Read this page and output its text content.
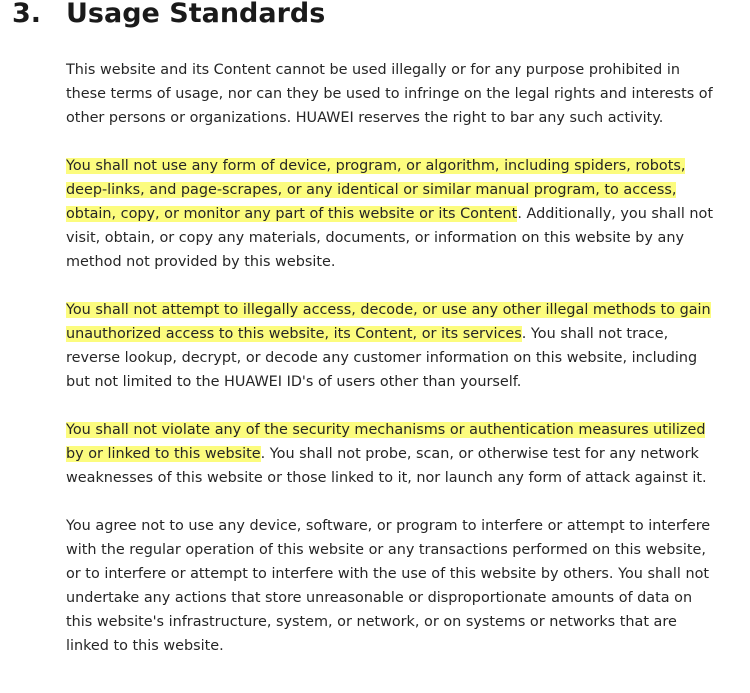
3. Usage Standards

This website and its Content cannot be used illegally or for any purpose prohibited in these terms of usage, nor can they be used to infringe on the legal rights and interests of other persons or organizations. HUAWEI reserves the right to bar any such activity.

You shall not use any form of device, program, or algorithm, including spiders, robots, deep-links, and page-scrapes, or any identical or similar manual program, to access, obtain, copy, or monitor any part of this website or its Content. Additionally, you shall not visit, obtain, or copy any materials, documents, or information on this website by any method not provided by this website.

You shall not attempt to illegally access, decode, or use any other illegal methods to gain unauthorized access to this website, its Content, or its services. You shall not trace, reverse lookup, decrypt, or decode any customer information on this website, including but not limited to the HUAWEI ID's of users other than yourself.

You shall not violate any of the security mechanisms or authentication measures utilized by or linked to this website. You shall not probe, scan, or otherwise test for any network weaknesses of this website or those linked to it, nor launch any form of attack against it.

You agree not to use any device, software, or program to interfere or attempt to interfere with the regular operation of this website or any transactions performed on this website, or to interfere or attempt to interfere with the use of this website by others. You shall not undertake any actions that store unreasonable or disproportionate amounts of data on this website's infrastructure, system, or network, or on systems or networks that are linked to this website.
